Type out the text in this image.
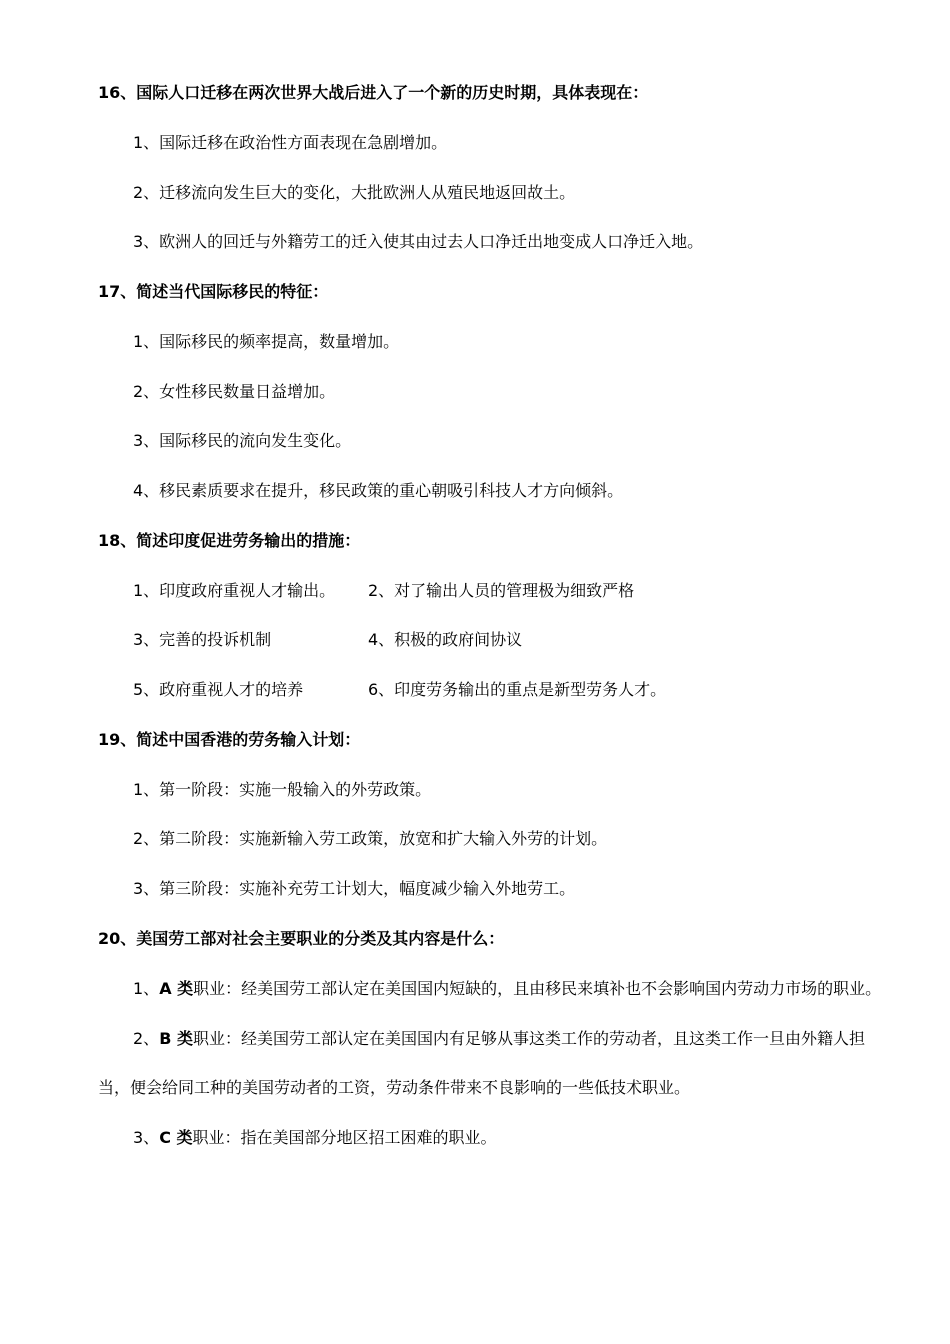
16、国际人口迁移在两次世界大战后进入了一个新的历史时期，具体表现在：
1、国际迁移在政治性方面表现在急剧增加。
2、迁移流向发生巨大的变化，大批欧洲人从殖民地返回故土。
3、欧洲人的回迁与外籍劳工的迁入使其由过去人口净迁出地变成人口净迁入地。
17、简述当代国际移民的特征：
1、国际移民的频率提高，数量增加。
2、女性移民数量日益增加。
3、国际移民的流向发生变化。
4、移民素质要求在提升，移民政策的重心朝吸引科技人才方向倾斜。
18、简述印度促进劳务输出的措施：
1、印度政府重视人才输出。 2、对了输出人员的管理极为细致严格
3、完善的投诉机制	4、积极的政府间协议
5、政府重视人才的培养	6、印度劳务输出的重点是新型劳务人才。
19、简述中国香港的劳务输入计划：
1、第一阶段：实施一般输入的外劳政策。
2、第二阶段：实施新输入劳工政策，放宽和扩大输入外劳的计划。
3、第三阶段：实施补充劳工计划大，幅度减少输入外地劳工。
20、美国劳工部对社会主要职业的分类及其内容是什么：
1、A 类职业：经美国劳工部认定在美国国内短缺的，且由移民来填补也不会影响国内劳动力市场的职业。
2、B 类职业：经美国劳工部认定在美国国内有足够从事这类工作的劳动者，且这类工作一旦由外籍人担
当，便会给同工种的美国劳动者的工资，劳动条件带来不良影响的一些低技术职业。
3、C 类职业：指在美国部分地区招工困难的职业。
